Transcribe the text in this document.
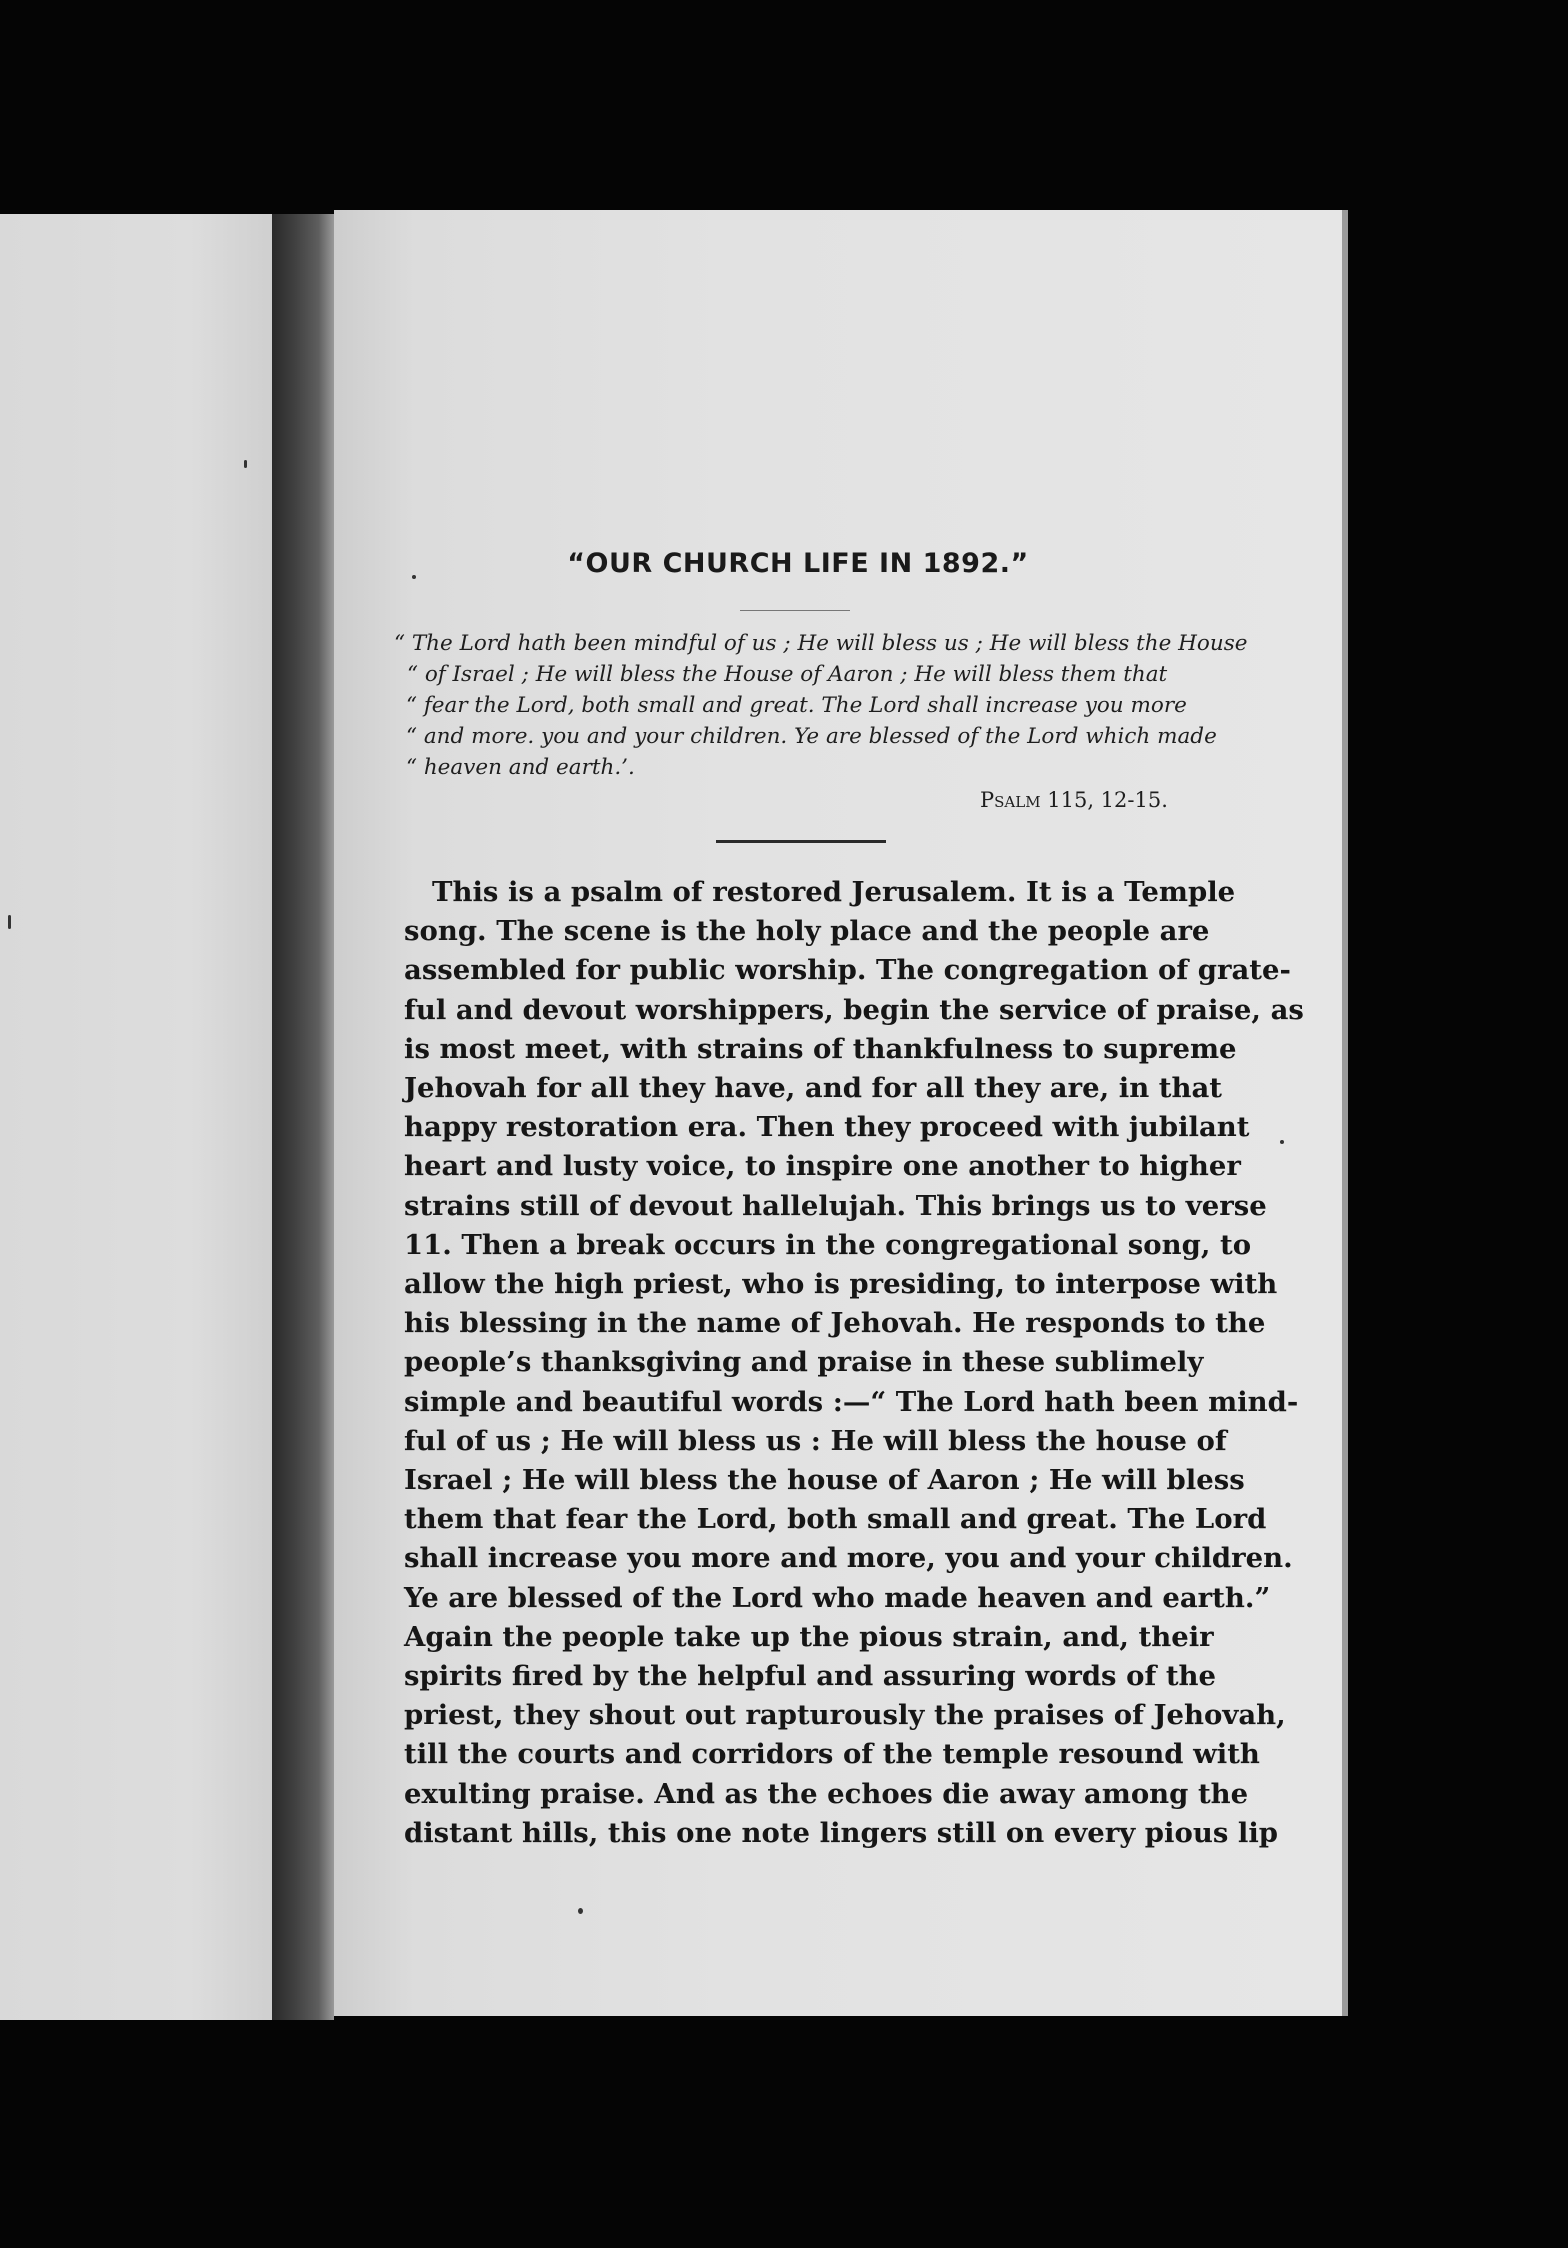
“OUR CHURCH LIFE IN 1892.”
“ The Lord hath been mindful of us ; He will bless us ; He will bless the House
“ of Israel ; He will bless the House of Aaron ; He will bless them that
“ fear the Lord, both small and great. The Lord shall increase you more
“ and more. you and your children. Ye are blessed of the Lord which made
“ heaven and earth.’.
Psalm 115, 12-15.
This is a psalm of restored Jerusalem. It is a Temple
song. The scene is the holy place and the people are
assembled for public worship. The congregation of grate-
ful and devout worshippers, begin the service of praise, as
is most meet, with strains of thankfulness to supreme
Jehovah for all they have, and for all they are, in that
happy restoration era. Then they proceed with jubilant
heart and lusty voice, to inspire one another to higher
strains still of devout hallelujah. This brings us to verse
11. Then a break occurs in the congregational song, to
allow the high priest, who is presiding, to interpose with
his blessing in the name of Jehovah. He responds to the
people’s thanksgiving and praise in these sublimely
simple and beautiful words :—“ The Lord hath been mind-
ful of us ; He will bless us : He will bless the house of
Israel ; He will bless the house of Aaron ; He will bless
them that fear the Lord, both small and great. The Lord
shall increase you more and more, you and your children.
Ye are blessed of the Lord who made heaven and earth.”
Again the people take up the pious strain, and, their
spirits fired by the helpful and assuring words of the
priest, they shout out rapturously the praises of Jehovah,
till the courts and corridors of the temple resound with
exulting praise. And as the echoes die away among the
distant hills, this one note lingers still on every pious lip
